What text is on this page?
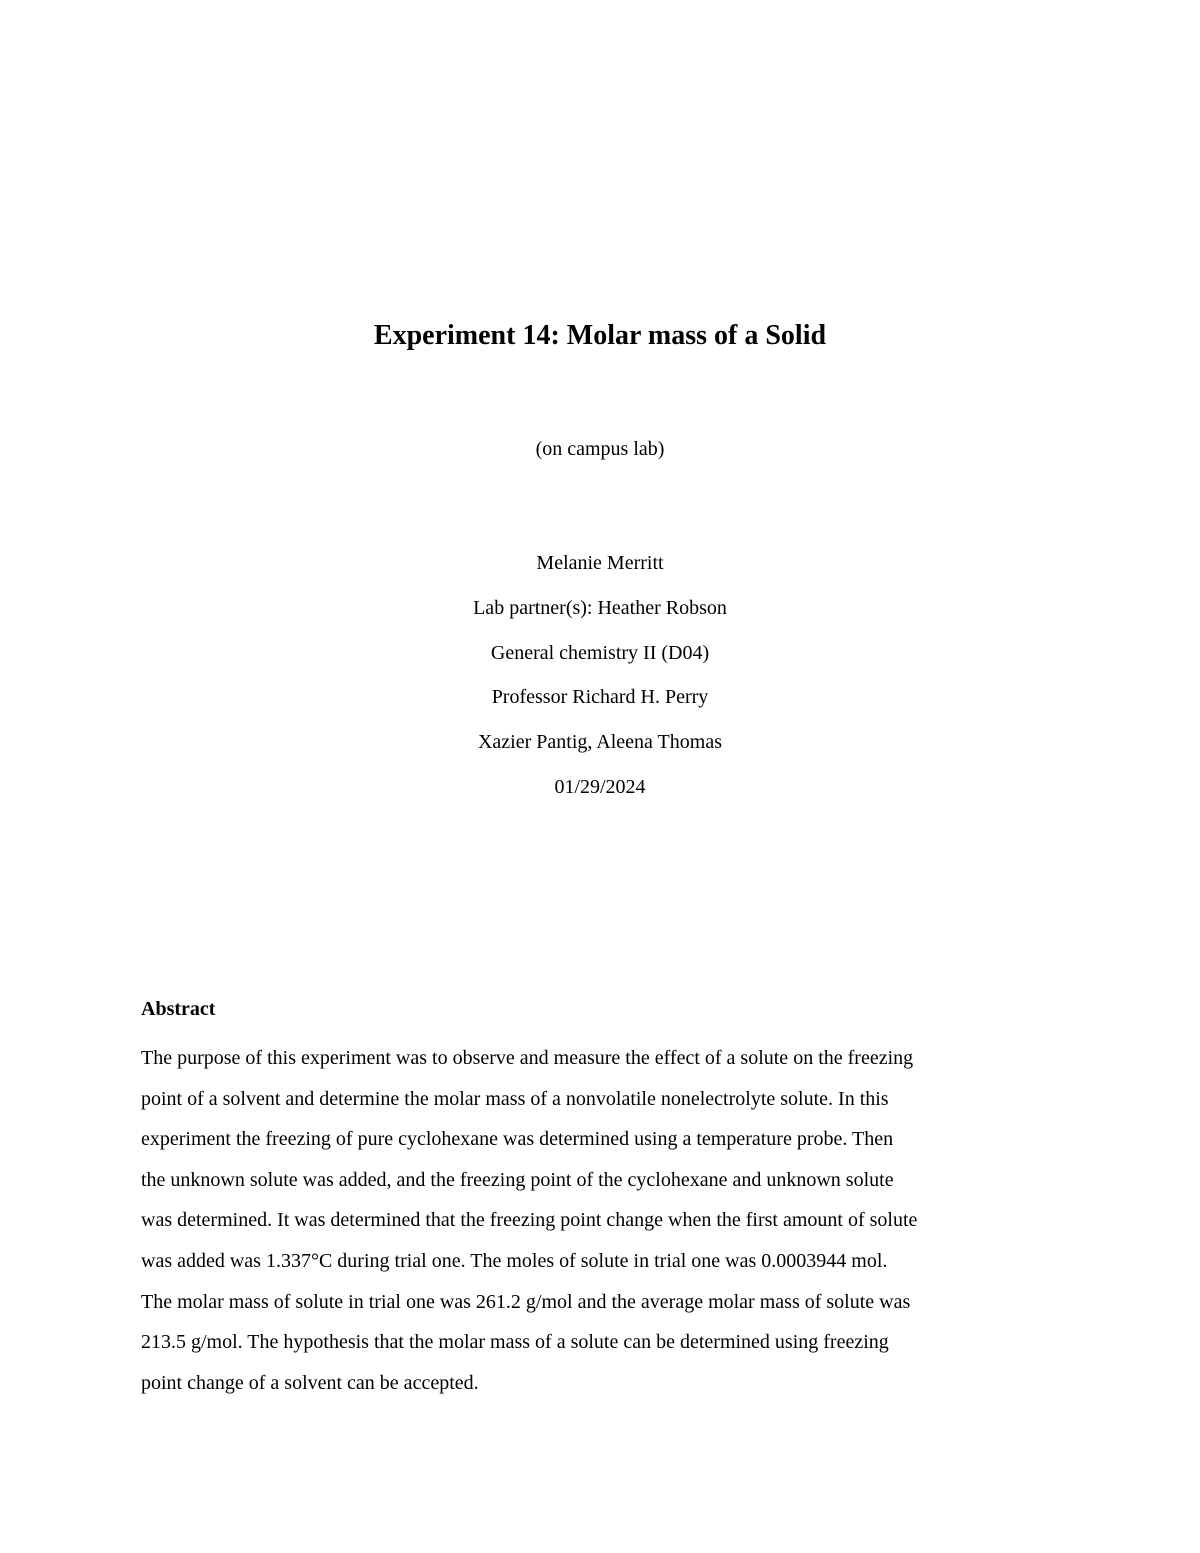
Experiment 14: Molar mass of a Solid
(on campus lab)
Melanie Merritt
Lab partner(s): Heather Robson
General chemistry II (D04)
Professor Richard H. Perry
Xazier Pantig, Aleena Thomas
01/29/2024
Abstract
The purpose of this experiment was to observe and measure the effect of a solute on the freezing
point of a solvent and determine the molar mass of a nonvolatile nonelectrolyte solute. In this
experiment the freezing of pure cyclohexane was determined using a temperature probe. Then
the unknown solute was added, and the freezing point of the cyclohexane and unknown solute
was determined. It was determined that the freezing point change when the first amount of solute
was added was 1.337°C during trial one. The moles of solute in trial one was 0.0003944 mol.
The molar mass of solute in trial one was 261.2 g/mol and the average molar mass of solute was
213.5 g/mol. The hypothesis that the molar mass of a solute can be determined using freezing
point change of a solvent can be accepted.
